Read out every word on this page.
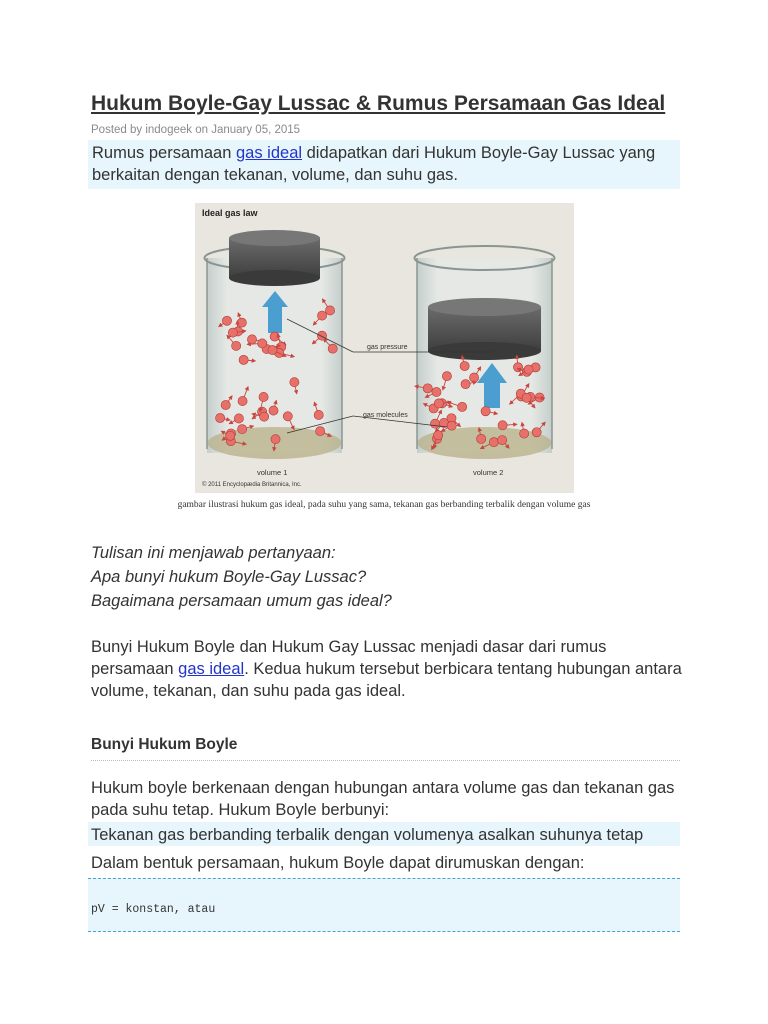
Hukum Boyle-Gay Lussac & Rumus Persamaan Gas Ideal
Posted by indogeek on January 05, 2015

Rumus persamaan gas ideal didapatkan dari Hukum Boyle-Gay Lussac yang berkaitan dengan tekanan, volume, dan suhu gas.

Ideal gas law
gas pressure
gas molecules
volume 1	volume 2
© 2011 Encyclopædia Britannica, Inc.
gambar ilustrasi hukum gas ideal, pada suhu yang sama, tekanan gas berbanding terbalik dengan volume gas

Tulisan ini menjawab pertanyaan:

Apa bunyi hukum Boyle-Gay Lussac?

Bagaimana persamaan umum gas ideal?

Bunyi Hukum Boyle dan Hukum Gay Lussac menjadi dasar dari rumus persamaan gas ideal. Kedua hukum tersebut berbicara tentang hubungan antara volume, tekanan, dan suhu pada gas ideal.

Bunyi Hukum Boyle

Hukum boyle berkenaan dengan hubungan antara volume gas dan tekanan gas pada suhu tetap. Hukum Boyle berbunyi:

Tekanan gas berbanding terbalik dengan volumenya asalkan suhunya tetap

Dalam bentuk persamaan, hukum Boyle dapat dirumuskan dengan:

pV = konstan, atau
